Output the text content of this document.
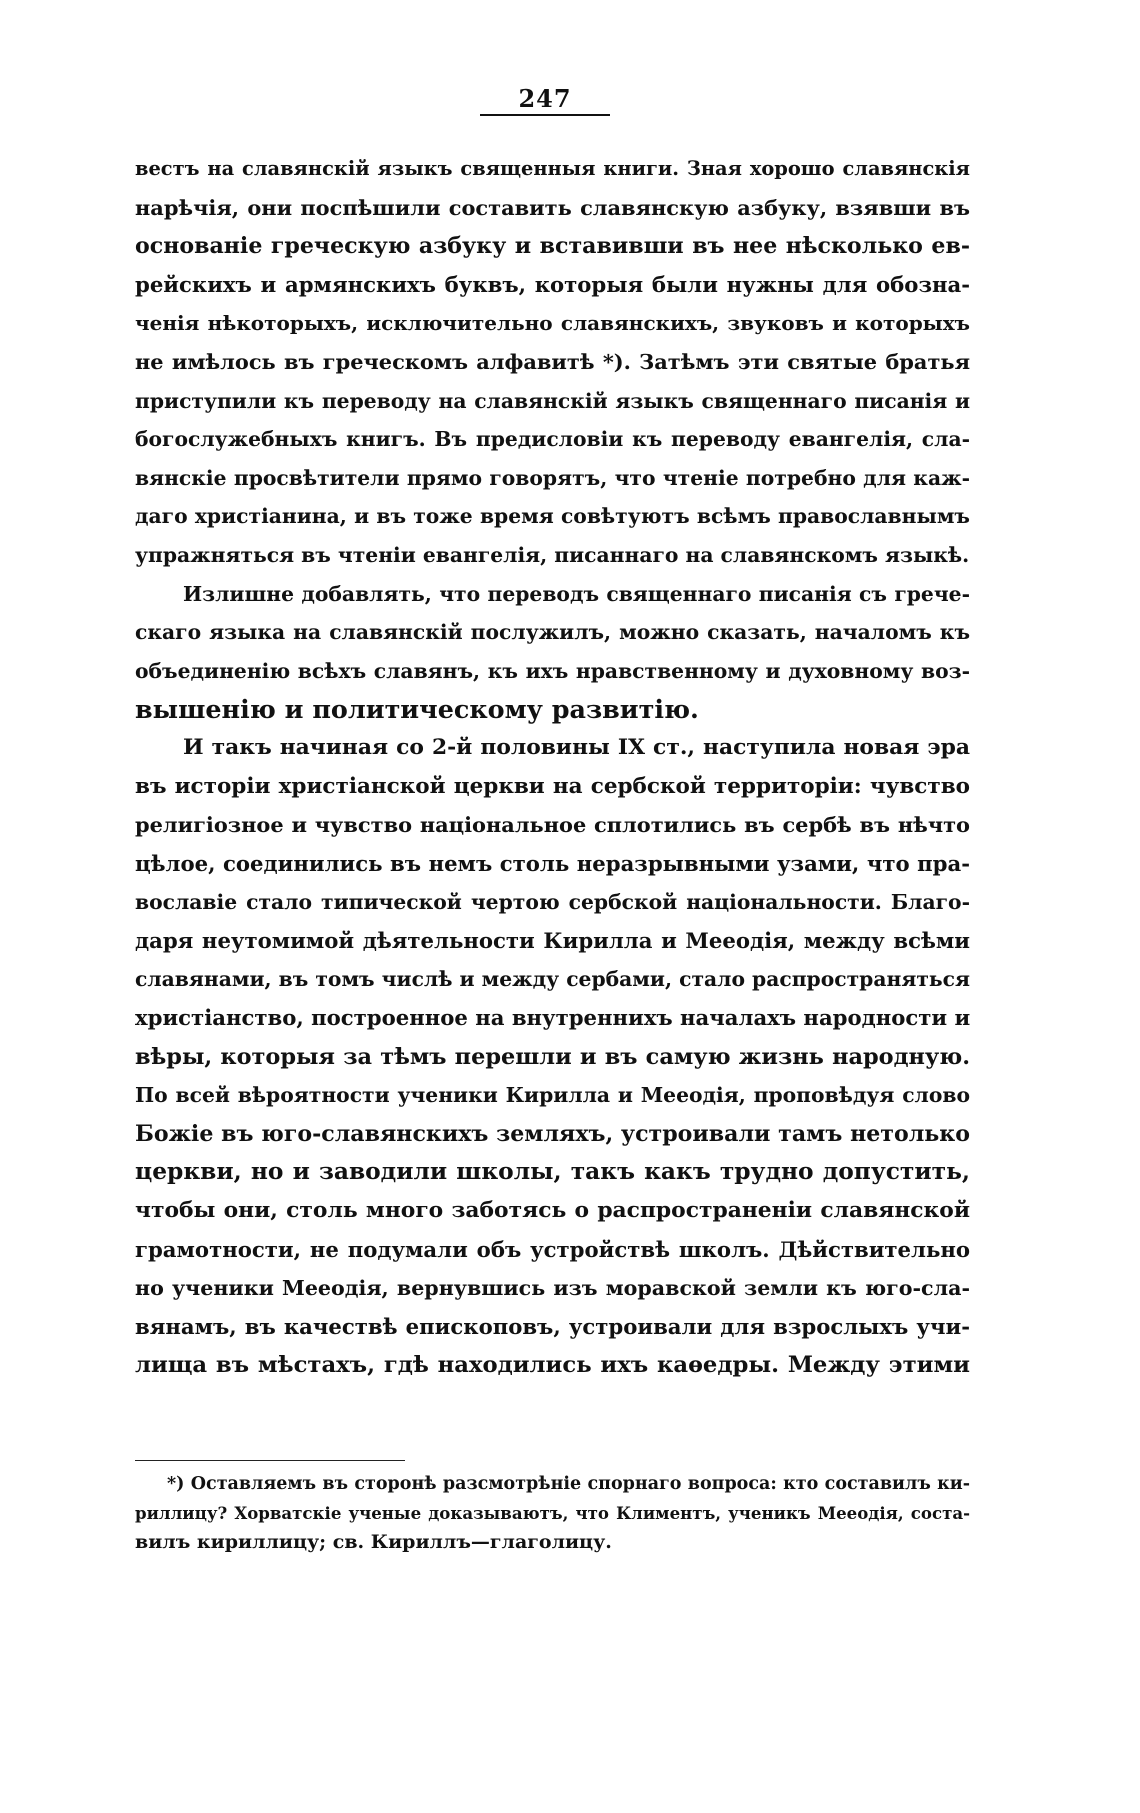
247
вестъ на славянскій языкъ священныя книги. Зная хорошо славянскія
нарѣчія, они поспѣшили составить славянскую азбуку, взявши въ
основаніе греческую азбуку и вставивши въ нее нѣсколько ев-
рейскихъ и армянскихъ буквъ, которыя были нужны для обозна-
ченія нѣкоторыхъ, исключительно славянскихъ, звуковъ и которыхъ
не имѣлось въ греческомъ алфавитѣ *). Затѣмъ эти святые братья
приступили къ переводу на славянскій языкъ священнаго писанія и
богослужебныхъ книгъ. Въ предисловіи къ переводу евангелія, сла-
вянскіе просвѣтители прямо говорятъ, что чтеніе потребно для каж-
даго христіанина, и въ тоже время совѣтуютъ всѣмъ православнымъ
упражняться въ чтеніи евангелія, писаннаго на славянскомъ языкѣ.
Излишне добавлять, что переводъ священнаго писанія съ грече-
скаго языка на славянскій послужилъ, можно сказать, началомъ къ
объединенію всѣхъ славянъ, къ ихъ нравственному и духовному воз-
вышенію и политическому развитію.
И такъ начиная со 2-й половины IX ст., наступила новая эра
въ исторіи христіанской церкви на сербской территоріи: чувство
религіозное и чувство національное сплотились въ сербѣ въ нѣчто
цѣлое, соединились въ немъ столь неразрывными узами, что пра-
вославіе стало типической чертою сербской національности. Благо-
даря неутомимой дѣятельности Кирилла и Мееодія, между всѣми
славянами, въ томъ числѣ и между сербами, стало распространяться
христіанство, построенное на внутреннихъ началахъ народности и
вѣры, которыя за тѣмъ перешли и въ самую жизнь народную.
По всей вѣроятности ученики Кирилла и Мееодія, проповѣдуя слово
Божіе въ юго-славянскихъ земляхъ, устроивали тамъ нетолько
церкви, но и заводили школы, такъ какъ трудно допустить,
чтобы они, столь много заботясь о распространеніи славянской
грамотности, не подумали объ устройствѣ школъ. Дѣйствительно
но ученики Мееодія, вернувшись изъ моравской земли къ юго-сла-
вянамъ, въ качествѣ епископовъ, устроивали для взрослыхъ учи-
лища въ мѣстахъ, гдѣ находились ихъ каѳедры. Между этими
*) Оставляемъ въ сторонѣ разсмотрѣніе спорнаго вопроса: кто составилъ ки-
риллицу? Хорватскіе ученые доказываютъ, что Климентъ, ученикъ Мееодія, соста-
вилъ кириллицу; св. Кириллъ—глаголицу.
